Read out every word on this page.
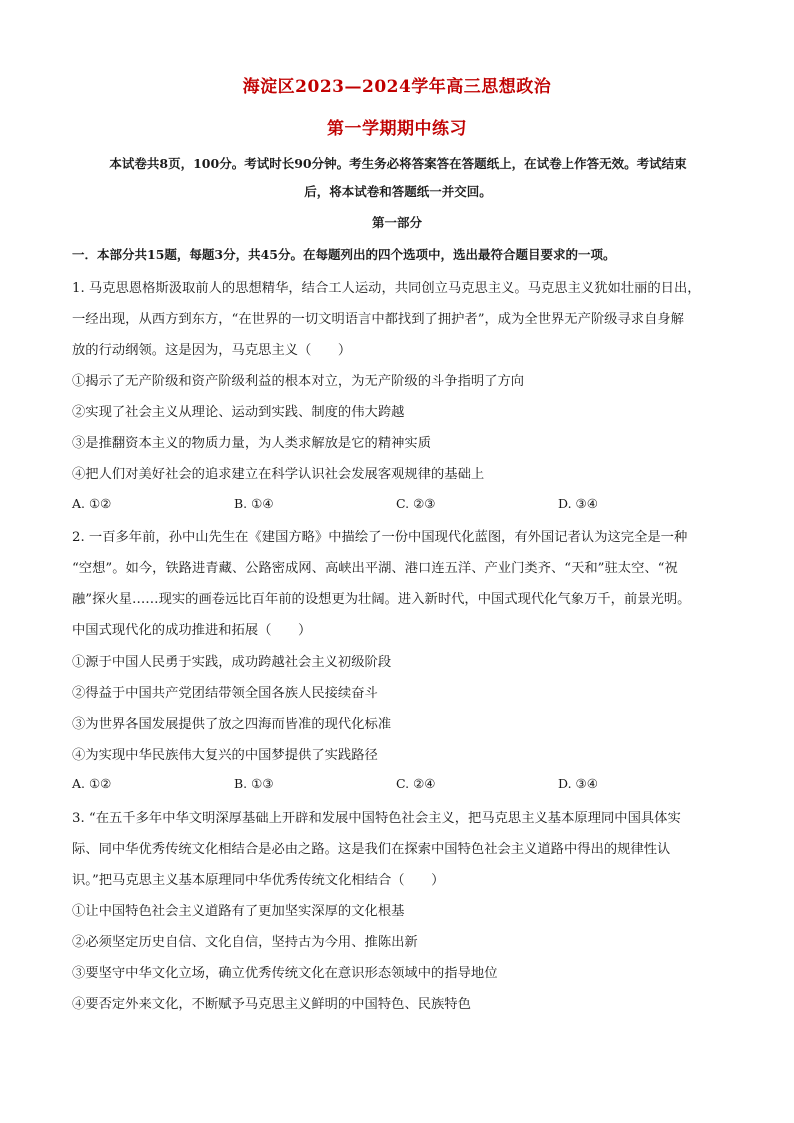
海淀区2023—2024学年高三思想政治
第一学期期中练习
本试卷共8页，100分。考试时长90分钟。考生务必将答案答在答题纸上，在试卷上作答无效。考试结束
后，将本试卷和答题纸一并交回。
第一部分
一．本部分共15题，每题3分，共45分。在每题列出的四个选项中，选出最符合题目要求的一项。
1. 马克思恩格斯汲取前人的思想精华，结合工人运动，共同创立马克思主义。马克思主义犹如壮丽的日出，
一经出现，从西方到东方，“在世界的一切文明语言中都找到了拥护者”，成为全世界无产阶级寻求自身解
放的行动纲领。这是因为，马克思主义（　　）
①揭示了无产阶级和资产阶级利益的根本对立，为无产阶级的斗争指明了方向
②实现了社会主义从理论、运动到实践、制度的伟大跨越
③是推翻资本主义的物质力量，为人类求解放是它的精神实质
④把人们对美好社会的追求建立在科学认识社会发展客观规律的基础上
A. ①②	B. ①④	C. ②③	D. ③④
2. 一百多年前，孙中山先生在《建国方略》中描绘了一份中国现代化蓝图，有外国记者认为这完全是一种
“空想”。如今，铁路进青藏、公路密成网、高峡出平湖、港口连五洋、产业门类齐、“天和”驻太空、“祝
融”探火星……现实的画卷远比百年前的设想更为壮阔。进入新时代，中国式现代化气象万千，前景光明。
中国式现代化的成功推进和拓展（　　）
①源于中国人民勇于实践，成功跨越社会主义初级阶段
②得益于中国共产党团结带领全国各族人民接续奋斗
③为世界各国发展提供了放之四海而皆准的现代化标准
④为实现中华民族伟大复兴的中国梦提供了实践路径
A. ①②	B. ①③	C. ②④	D. ③④
3. “在五千多年中华文明深厚基础上开辟和发展中国特色社会主义，把马克思主义基本原理同中国具体实
际、同中华优秀传统文化相结合是必由之路。这是我们在探索中国特色社会主义道路中得出的规律性认
识。”把马克思主义基本原理同中华优秀传统文化相结合（　　）
①让中国特色社会主义道路有了更加坚实深厚的文化根基
②必须坚定历史自信、文化自信，坚持古为今用、推陈出新
③要坚守中华文化立场，确立优秀传统文化在意识形态领域中的指导地位
④要否定外来文化，不断赋予马克思主义鲜明的中国特色、民族特色
